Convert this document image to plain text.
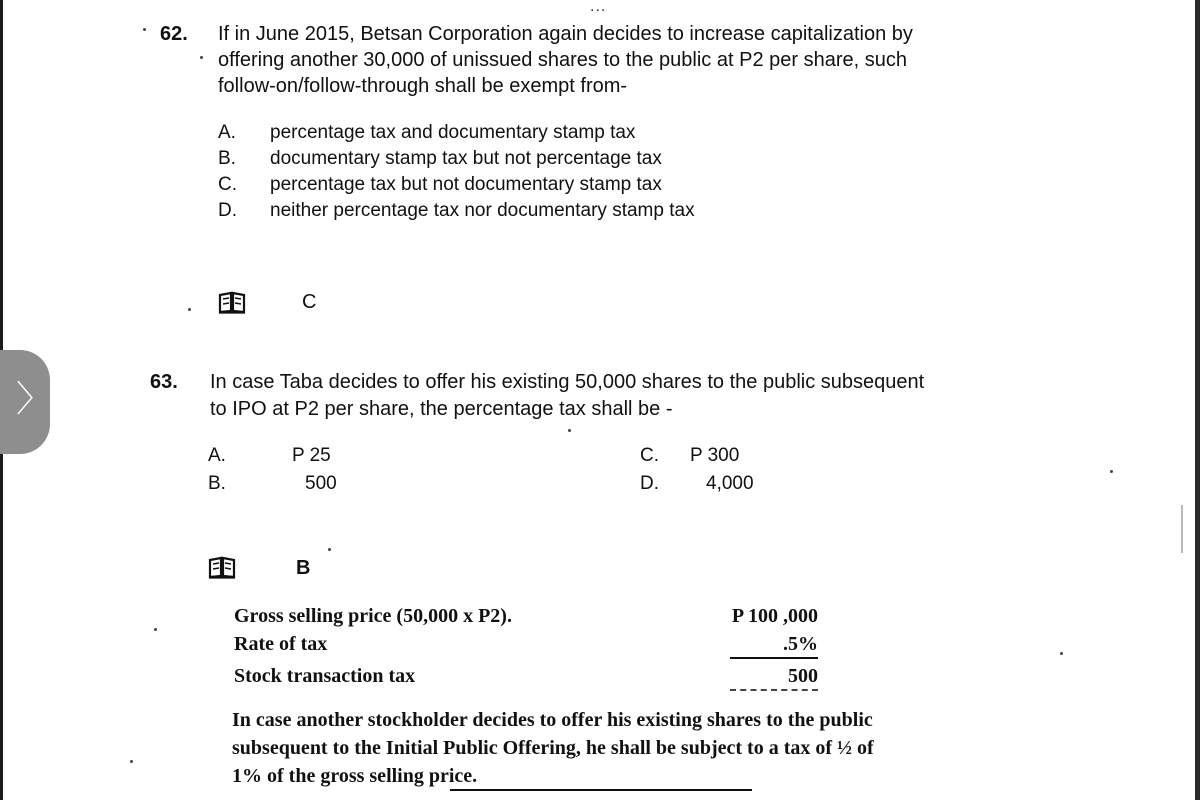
...
〉
62. If in June 2015, Betsan Corporation again decides to increase capitalization by
offering another 30,000 of unissued shares to the public at P2 per share, such
follow-on/follow-through shall be exempt from-
A. percentage tax and documentary stamp tax
B. documentary stamp tax but not percentage tax
C. percentage tax but not documentary stamp tax
D. neither percentage tax nor documentary stamp tax
C
63. In case Taba decides to offer his existing 50,000 shares to the public subsequent
to IPO at P2 per share, the percentage tax shall be -
A.	P 25
B.	500
C. P 300
D. 4,000
B
Gross selling price (50,000 x P2).	P 100 ,000
Rate of tax	.5%
Stock transaction tax	500
In case another stockholder decides to offer his existing shares to the public
subsequent to the Initial Public Offering, he shall be subject to a tax of ½ of
1% of the gross selling price.
